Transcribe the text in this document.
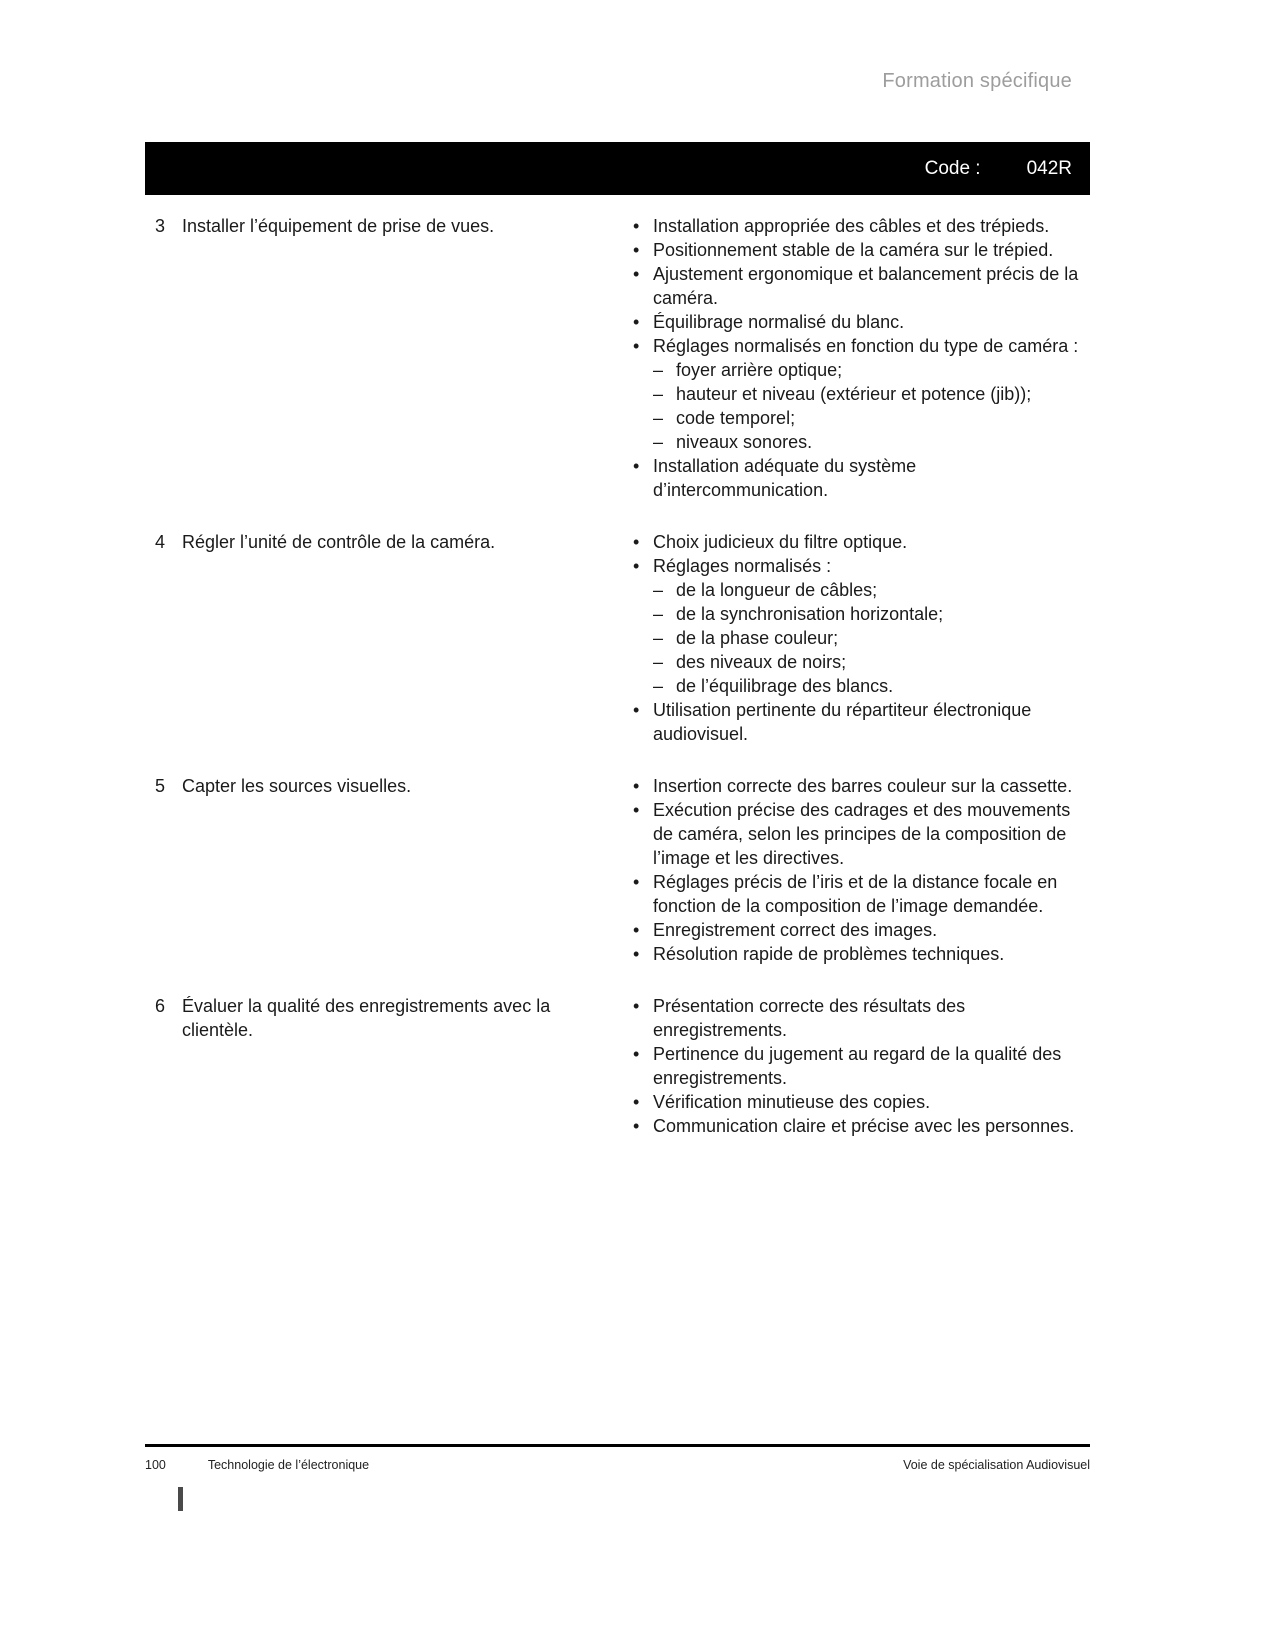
Formation spécifique
Code : 042R
3 Installer l’équipement de prise de vues.	• Installation appropriée des câbles et des trépieds.
• Positionnement stable de la caméra sur le trépied.
• Ajustement ergonomique et balancement précis de la caméra.
• Équilibrage normalisé du blanc.
• Réglages normalisés en fonction du type de caméra :
– foyer arrière optique;
– hauteur et niveau (extérieur et potence (jib));
– code temporel;
– niveaux sonores.
• Installation adéquate du système d’intercommunication.
4 Régler l’unité de contrôle de la caméra.	• Choix judicieux du filtre optique.
• Réglages normalisés :
– de la longueur de câbles;
– de la synchronisation horizontale;
– de la phase couleur;
– des niveaux de noirs;
– de l’équilibrage des blancs.
• Utilisation pertinente du répartiteur électronique audiovisuel.
5 Capter les sources visuelles.	• Insertion correcte des barres couleur sur la cassette.
• Exécution précise des cadrages et des mouvements de caméra, selon les principes de la composition de l’image et les directives.
• Réglages précis de l’iris et de la distance focale en fonction de la composition de l’image demandée.
• Enregistrement correct des images.
• Résolution rapide de problèmes techniques.
6 Évaluer la qualité des enregistrements avec la clientèle.
• Présentation correcte des résultats des enregistrements.
• Pertinence du jugement au regard de la qualité des enregistrements.
• Vérification minutieuse des copies.
• Communication claire et précise avec les personnes.
100	Technologie de l’électronique	Voie de spécialisation Audiovisuel
